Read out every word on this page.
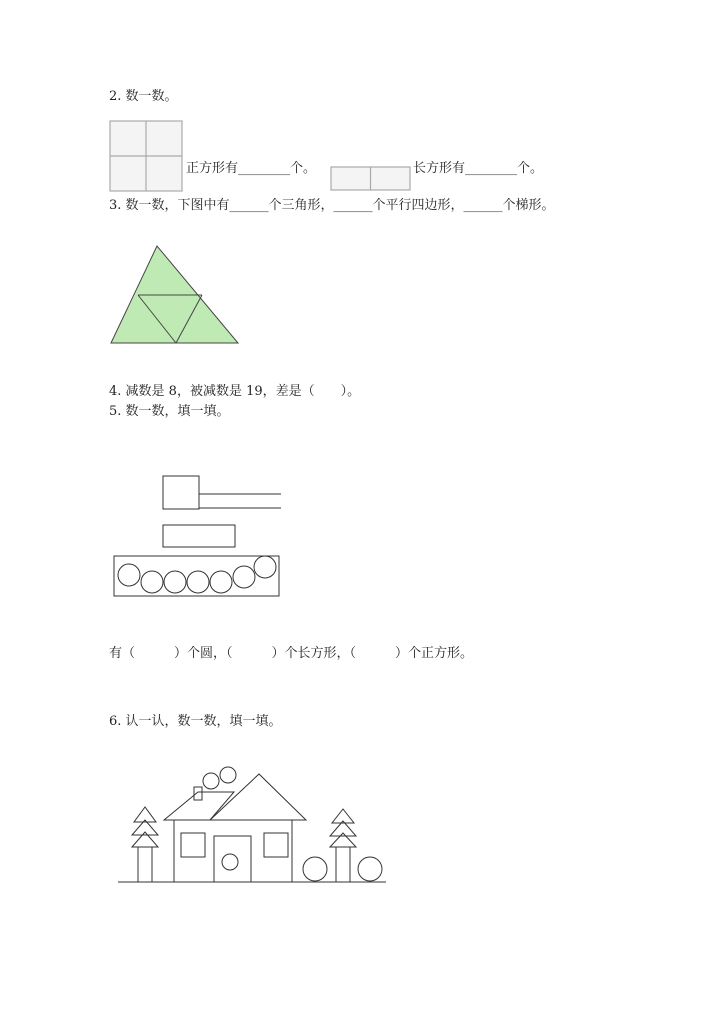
2. 数一数。
正方形有________个。	长方形有________个。
3. 数一数，下图中有______个三角形，______个平行四边形，______个梯形。
4. 减数是 8，被减数是 19，差是（　　）。
5. 数一数，填一填。
有（　　　）个圆，（　　　）个长方形，（　　　）个正方形。
6. 认一认，数一数，填一填。
